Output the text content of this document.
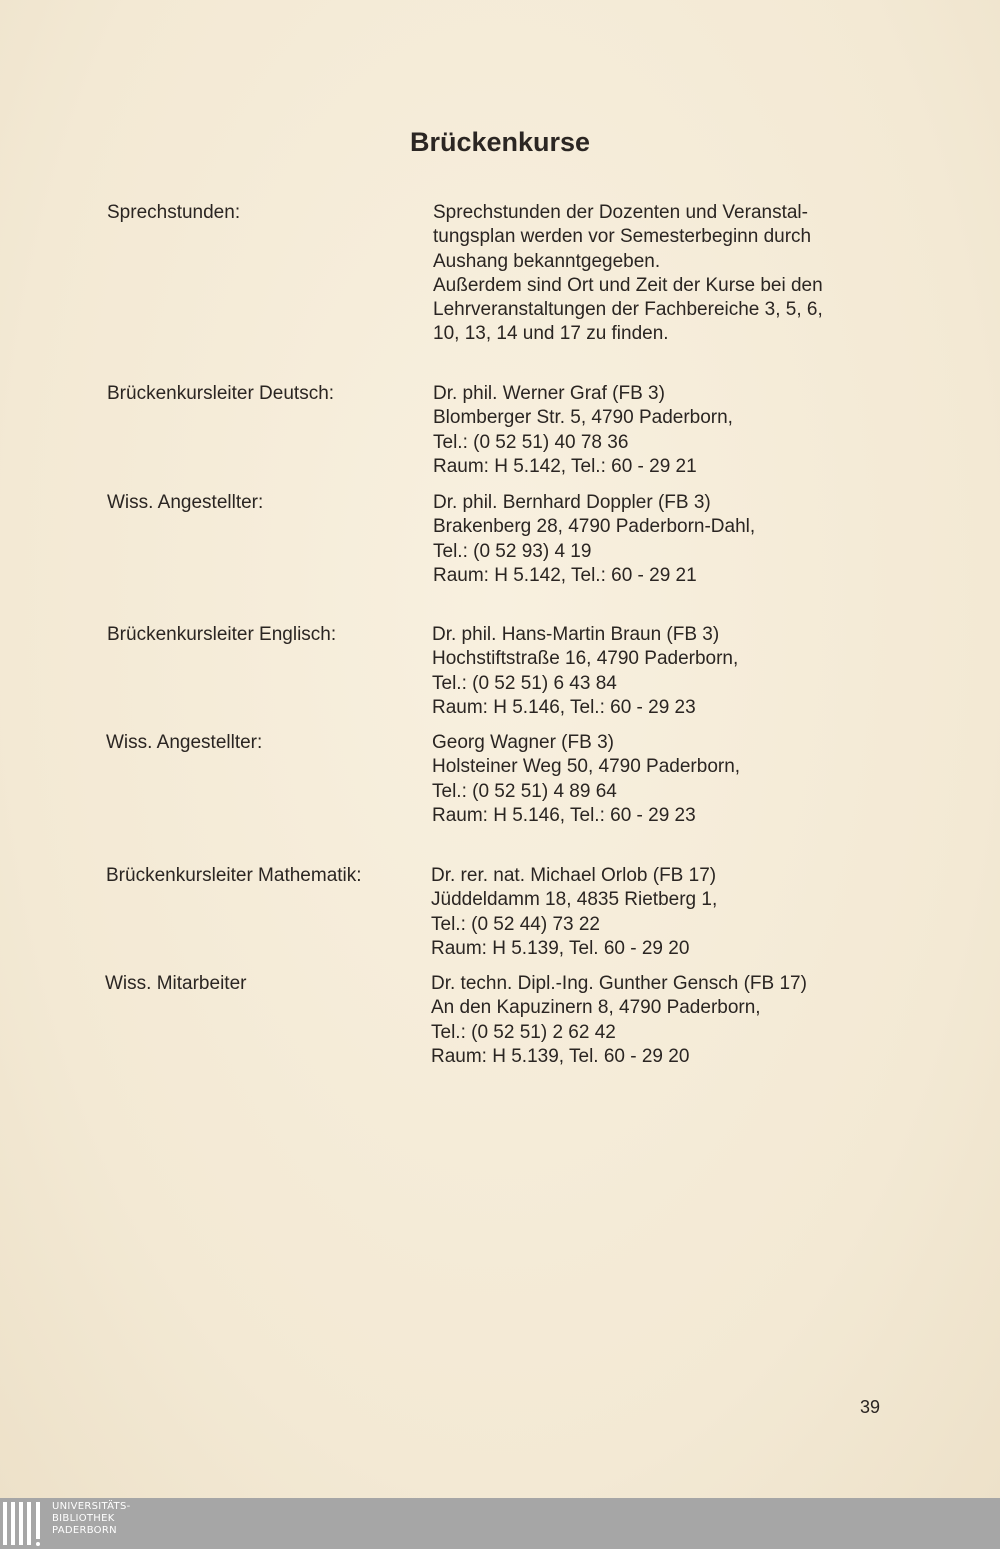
Brückenkurse
Sprechstunden:	Sprechstunden der Dozenten und Veranstal-
tungsplan werden vor Semesterbeginn durch
Aushang bekanntgegeben.
Außerdem sind Ort und Zeit der Kurse bei den
Lehrveranstaltungen der Fachbereiche 3, 5, 6,
10, 13, 14 und 17 zu finden.
Brückenkursleiter Deutsch:	Dr. phil. Werner Graf (FB 3)
Blomberger Str. 5, 4790 Paderborn,
Tel.: (0 52 51) 40 78 36
Raum: H 5.142, Tel.: 60 - 29 21
Wiss. Angestellter:	Dr. phil. Bernhard Doppler (FB 3)
Brakenberg 28, 4790 Paderborn-Dahl,
Tel.: (0 52 93) 4 19
Raum: H 5.142, Tel.: 60 - 29 21
Brückenkursleiter Englisch:	Dr. phil. Hans-Martin Braun (FB 3)
Hochstiftstraße 16, 4790 Paderborn,
Tel.: (0 52 51) 6 43 84
Raum: H 5.146, Tel.: 60 - 29 23
Wiss. Angestellter:	Georg Wagner (FB 3)
Holsteiner Weg 50, 4790 Paderborn,
Tel.: (0 52 51) 4 89 64
Raum: H 5.146, Tel.: 60 - 29 23
Brückenkursleiter Mathematik:	Dr. rer. nat. Michael Orlob (FB 17)
Jüddeldamm 18, 4835 Rietberg 1,
Tel.: (0 52 44) 73 22
Raum: H 5.139, Tel. 60 - 29 20
Wiss. Mitarbeiter	Dr. techn. Dipl.-Ing. Gunther Gensch (FB 17)
An den Kapuzinern 8, 4790 Paderborn,
Tel.: (0 52 51) 2 62 42
Raum: H 5.139, Tel. 60 - 29 20
39
UNIVERSITÄTS-
BIBLIOTHEK
PADERBORN
